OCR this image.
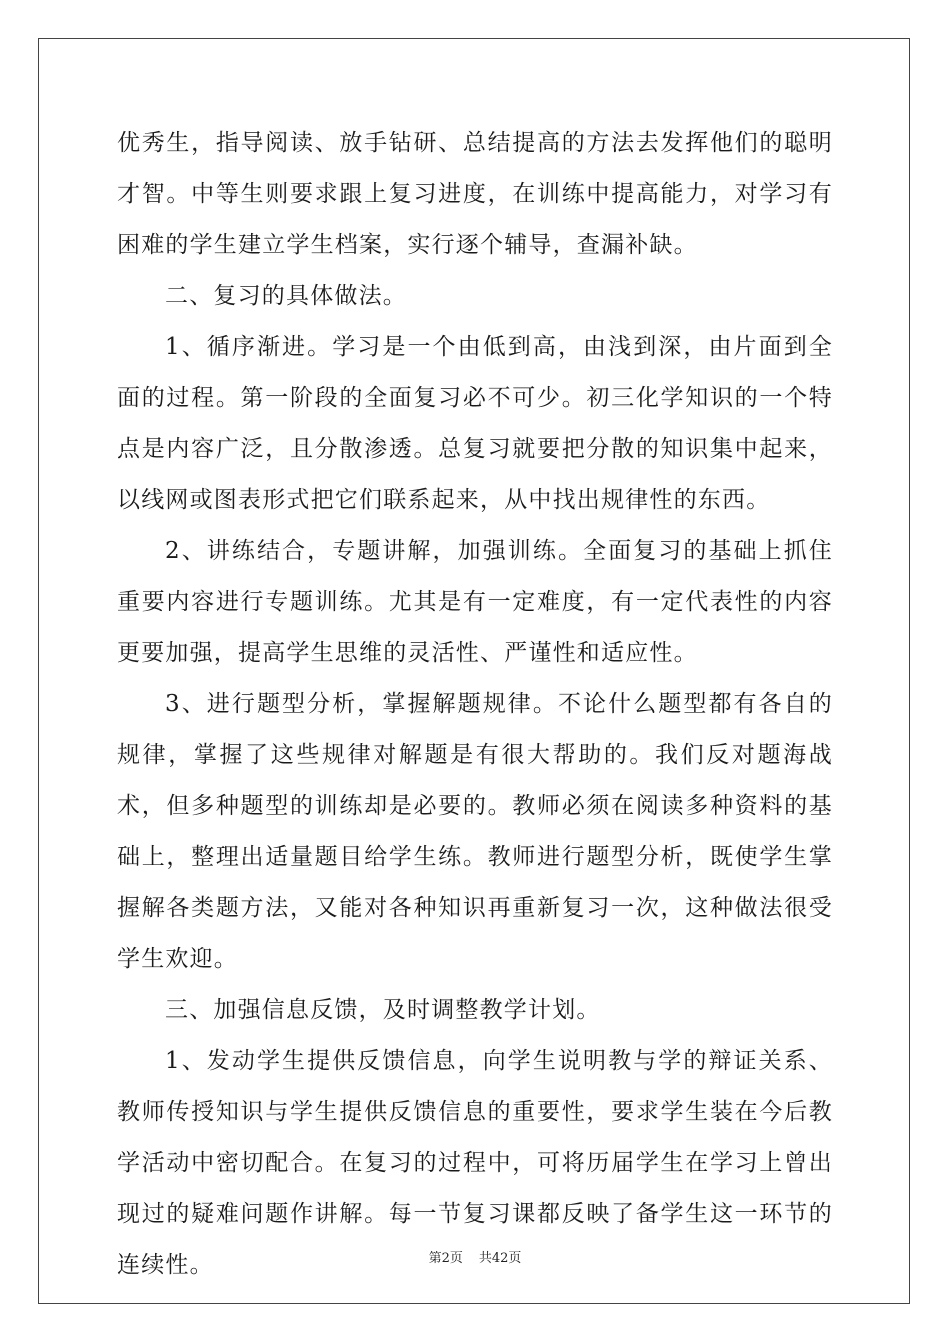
优秀生，指导阅读、放手钻研、总结提高的方法去发挥他们的聪明才智。中等生则要求跟上复习进度，在训练中提高能力，对学习有困难的学生建立学生档案，实行逐个辅导，查漏补缺。

二、复习的具体做法。

1、循序渐进。学习是一个由低到高，由浅到深，由片面到全面的过程。第一阶段的全面复习必不可少。初三化学知识的一个特点是内容广泛，且分散渗透。总复习就要把分散的知识集中起来，以线网或图表形式把它们联系起来，从中找出规律性的东西。

2、讲练结合，专题讲解，加强训练。全面复习的基础上抓住重要内容进行专题训练。尤其是有一定难度，有一定代表性的内容更要加强，提高学生思维的灵活性、严谨性和适应性。

3、进行题型分析，掌握解题规律。不论什么题型都有各自的规律，掌握了这些规律对解题是有很大帮助的。我们反对题海战术，但多种题型的训练却是必要的。教师必须在阅读多种资料的基础上，整理出适量题目给学生练。教师进行题型分析，既使学生掌握解各类题方法，又能对各种知识再重新复习一次，这种做法很受学生欢迎。

三、加强信息反馈，及时调整教学计划。

1、发动学生提供反馈信息，向学生说明教与学的辩证关系、教师传授知识与学生提供反馈信息的重要性，要求学生装在今后教学活动中密切配合。在复习的过程中，可将历届学生在学习上曾出现过的疑难问题作讲解。每一节复习课都反映了备学生这一环节的连续性。	第2页 共42页
